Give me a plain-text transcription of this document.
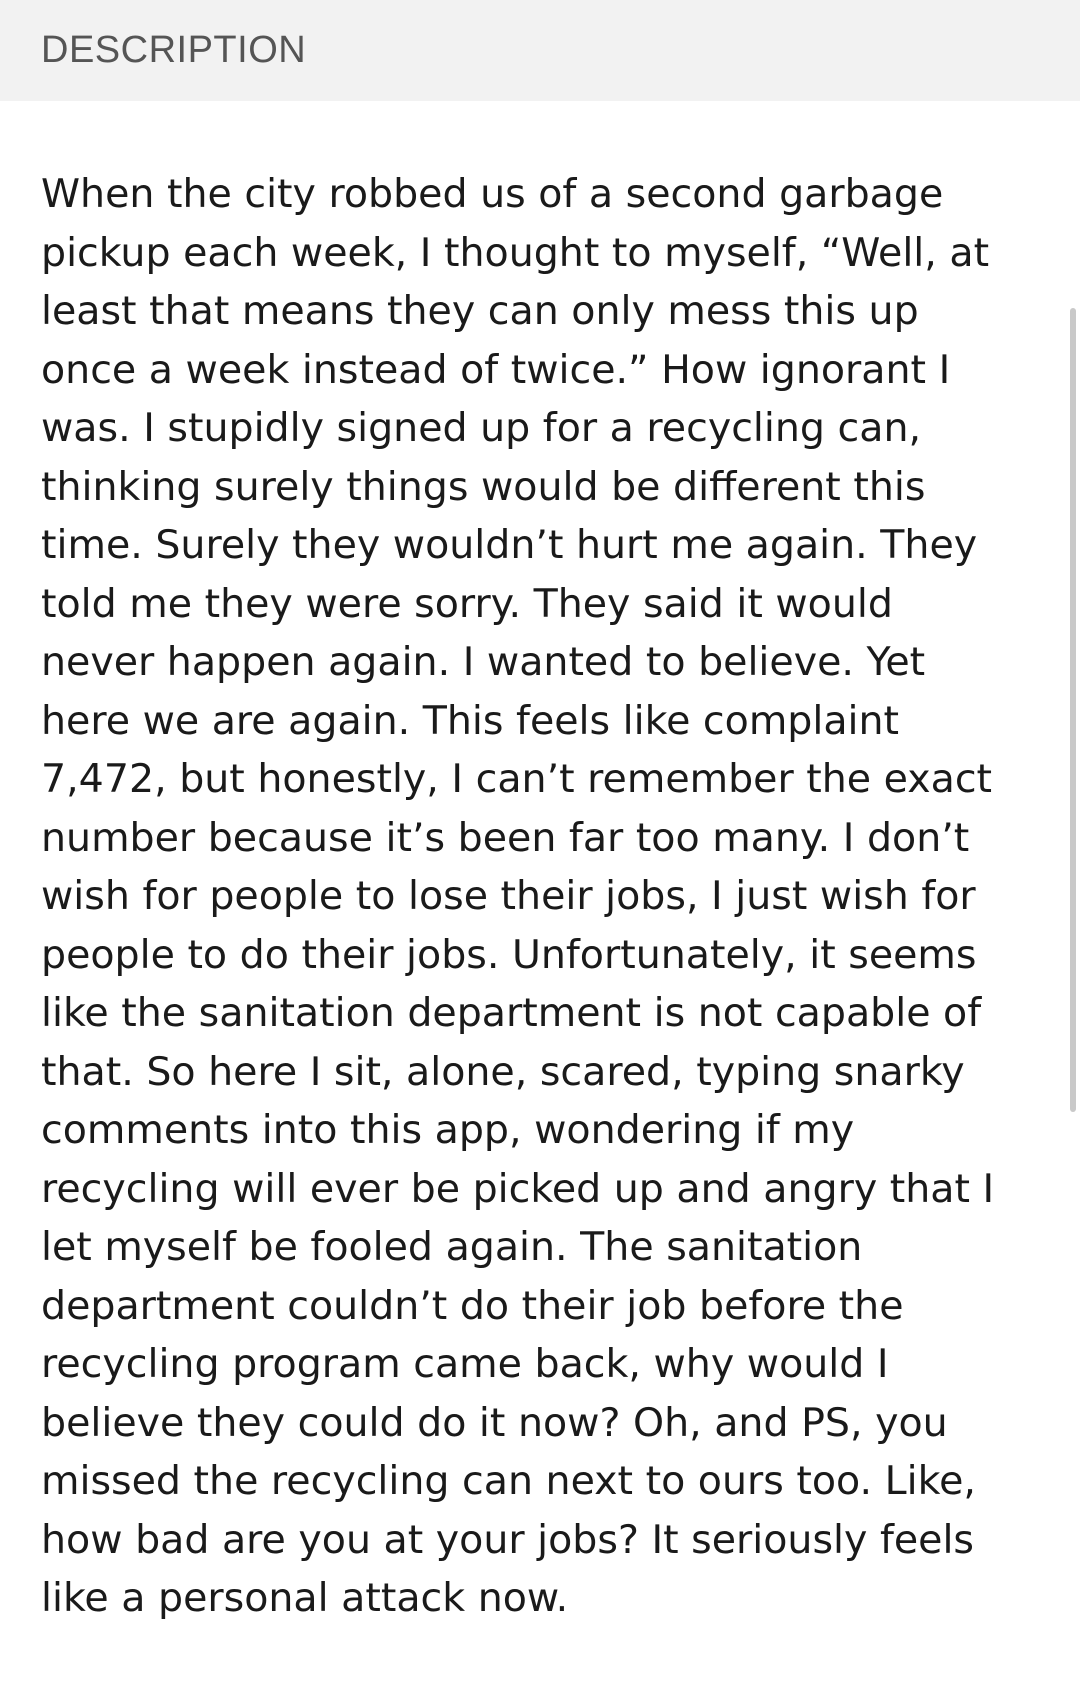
DESCRIPTION
When the city robbed us of a second garbage
pickup each week, I thought to myself, “Well, at
least that means they can only mess this up
once a week instead of twice.” How ignorant I
was. I stupidly signed up for a recycling can,
thinking surely things would be different this
time. Surely they wouldn’t hurt me again. They
told me they were sorry. They said it would
never happen again. I wanted to believe. Yet
here we are again. This feels like complaint
7,472, but honestly, I can’t remember the exact
number because it’s been far too many. I don’t
wish for people to lose their jobs, I just wish for
people to do their jobs. Unfortunately, it seems
like the sanitation department is not capable of
that. So here I sit, alone, scared, typing snarky
comments into this app, wondering if my
recycling will ever be picked up and angry that I
let myself be fooled again. The sanitation
department couldn’t do their job before the
recycling program came back, why would I
believe they could do it now? Oh, and PS, you
missed the recycling can next to ours too. Like,
how bad are you at your jobs? It seriously feels
like a personal attack now.
